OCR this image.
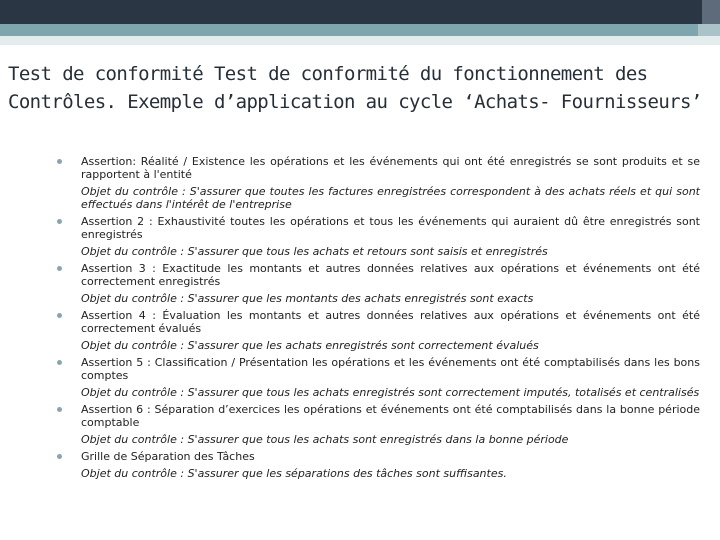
Test de conformité Test de conformité du fonctionnement des Contrôles. Exemple d’application au cycle ‘Achats- Fournisseurs’
Assertion: Réalité / Existence les opérations et les événements qui ont été enregistrés se sont produits et se rapportent à l'entité
Objet du contrôle : S'assurer que toutes les factures enregistrées correspondent à des achats réels et qui sont effectués dans l'intérêt de l'entreprise
Assertion 2 : Exhaustivité toutes les opérations et tous les événements qui auraient dû être enregistrés sont enregistrés
Objet du contrôle : S'assurer que tous les achats et retours sont saisis et enregistrés
Assertion 3 : Exactitude les montants et autres données relatives aux opérations et événements ont été correctement enregistrés
Objet du contrôle : S'assurer que les montants des achats enregistrés sont exacts
Assertion 4 : Évaluation les montants et autres données relatives aux opérations et événements ont été correctement évalués
Objet du contrôle : S'assurer que les achats enregistrés sont correctement évalués
Assertion 5 : Classification / Présentation les opérations et les événements ont été comptabilisés dans les bons comptes
Objet du contrôle : S'assurer que tous les achats enregistrés sont correctement imputés, totalisés et centralisés
Assertion 6 : Séparation d’exercices les opérations et événements ont été comptabilisés dans la bonne période comptable
Objet du contrôle : S'assurer que tous les achats sont enregistrés dans la bonne période
Grille de Séparation des Tâches
Objet du contrôle : S'assurer que les séparations des tâches sont suffisantes.
